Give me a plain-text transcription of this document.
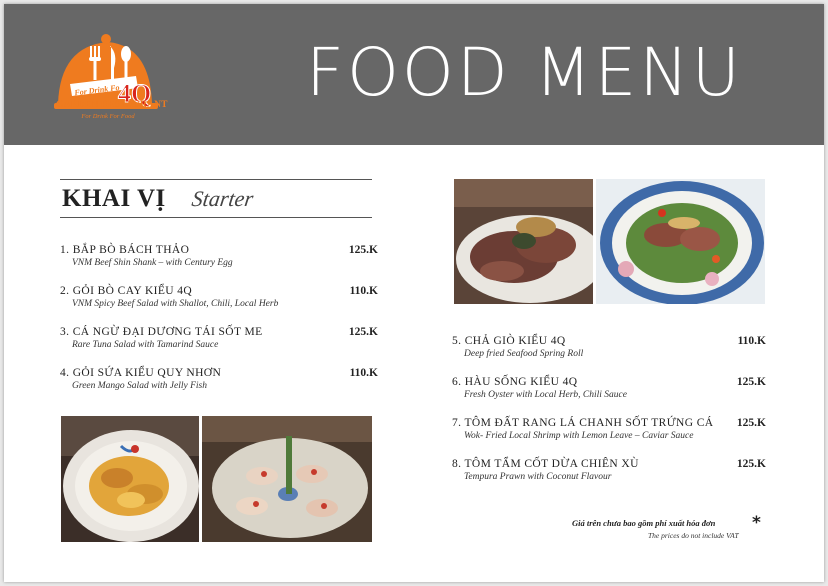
For Drink Fo
4Q
GARDEN RESTAURANT
For Drink For Food
FOOD MENU
KHAI VỊ Starter
1. BẮP BÒ BÁCH THẢO
VNM Beef Shin Shank – with Century Egg
125.K
2. GỎI BÒ CAY KIỂU 4Q
VNM Spicy Beef Salad with Shallot, Chili, Local Herb
110.K
3. CÁ NGỪ ĐẠI DƯƠNG TÁI SỐT ME
Rare Tuna Salad with Tamarind Sauce
125.K
4. GỎI SỨA KIỂU QUY NHƠN
Green Mango Salad with Jelly Fish
110.K
5. CHẢ GIÒ KIỂU 4Q
Deep fried Seafood Spring Roll
110.K
6. HÀU SỐNG KIỂU 4Q
Fresh Oyster with Local Herb, Chili Sauce
125.K
7. TÔM ĐẤT RANG LÁ CHANH SỐT TRỨNG CÁ
Wok- Fried Local Shrimp with Lemon Leave – Caviar Sauce
125.K
8. TÔM TẨM CỐT DỪA CHIÊN XÙ
Tempura Prawn with Coconut Flavour
125.K
Giá trên chưa bao gồm phí xuất hóa đơn
The prices do not include VAT
*
